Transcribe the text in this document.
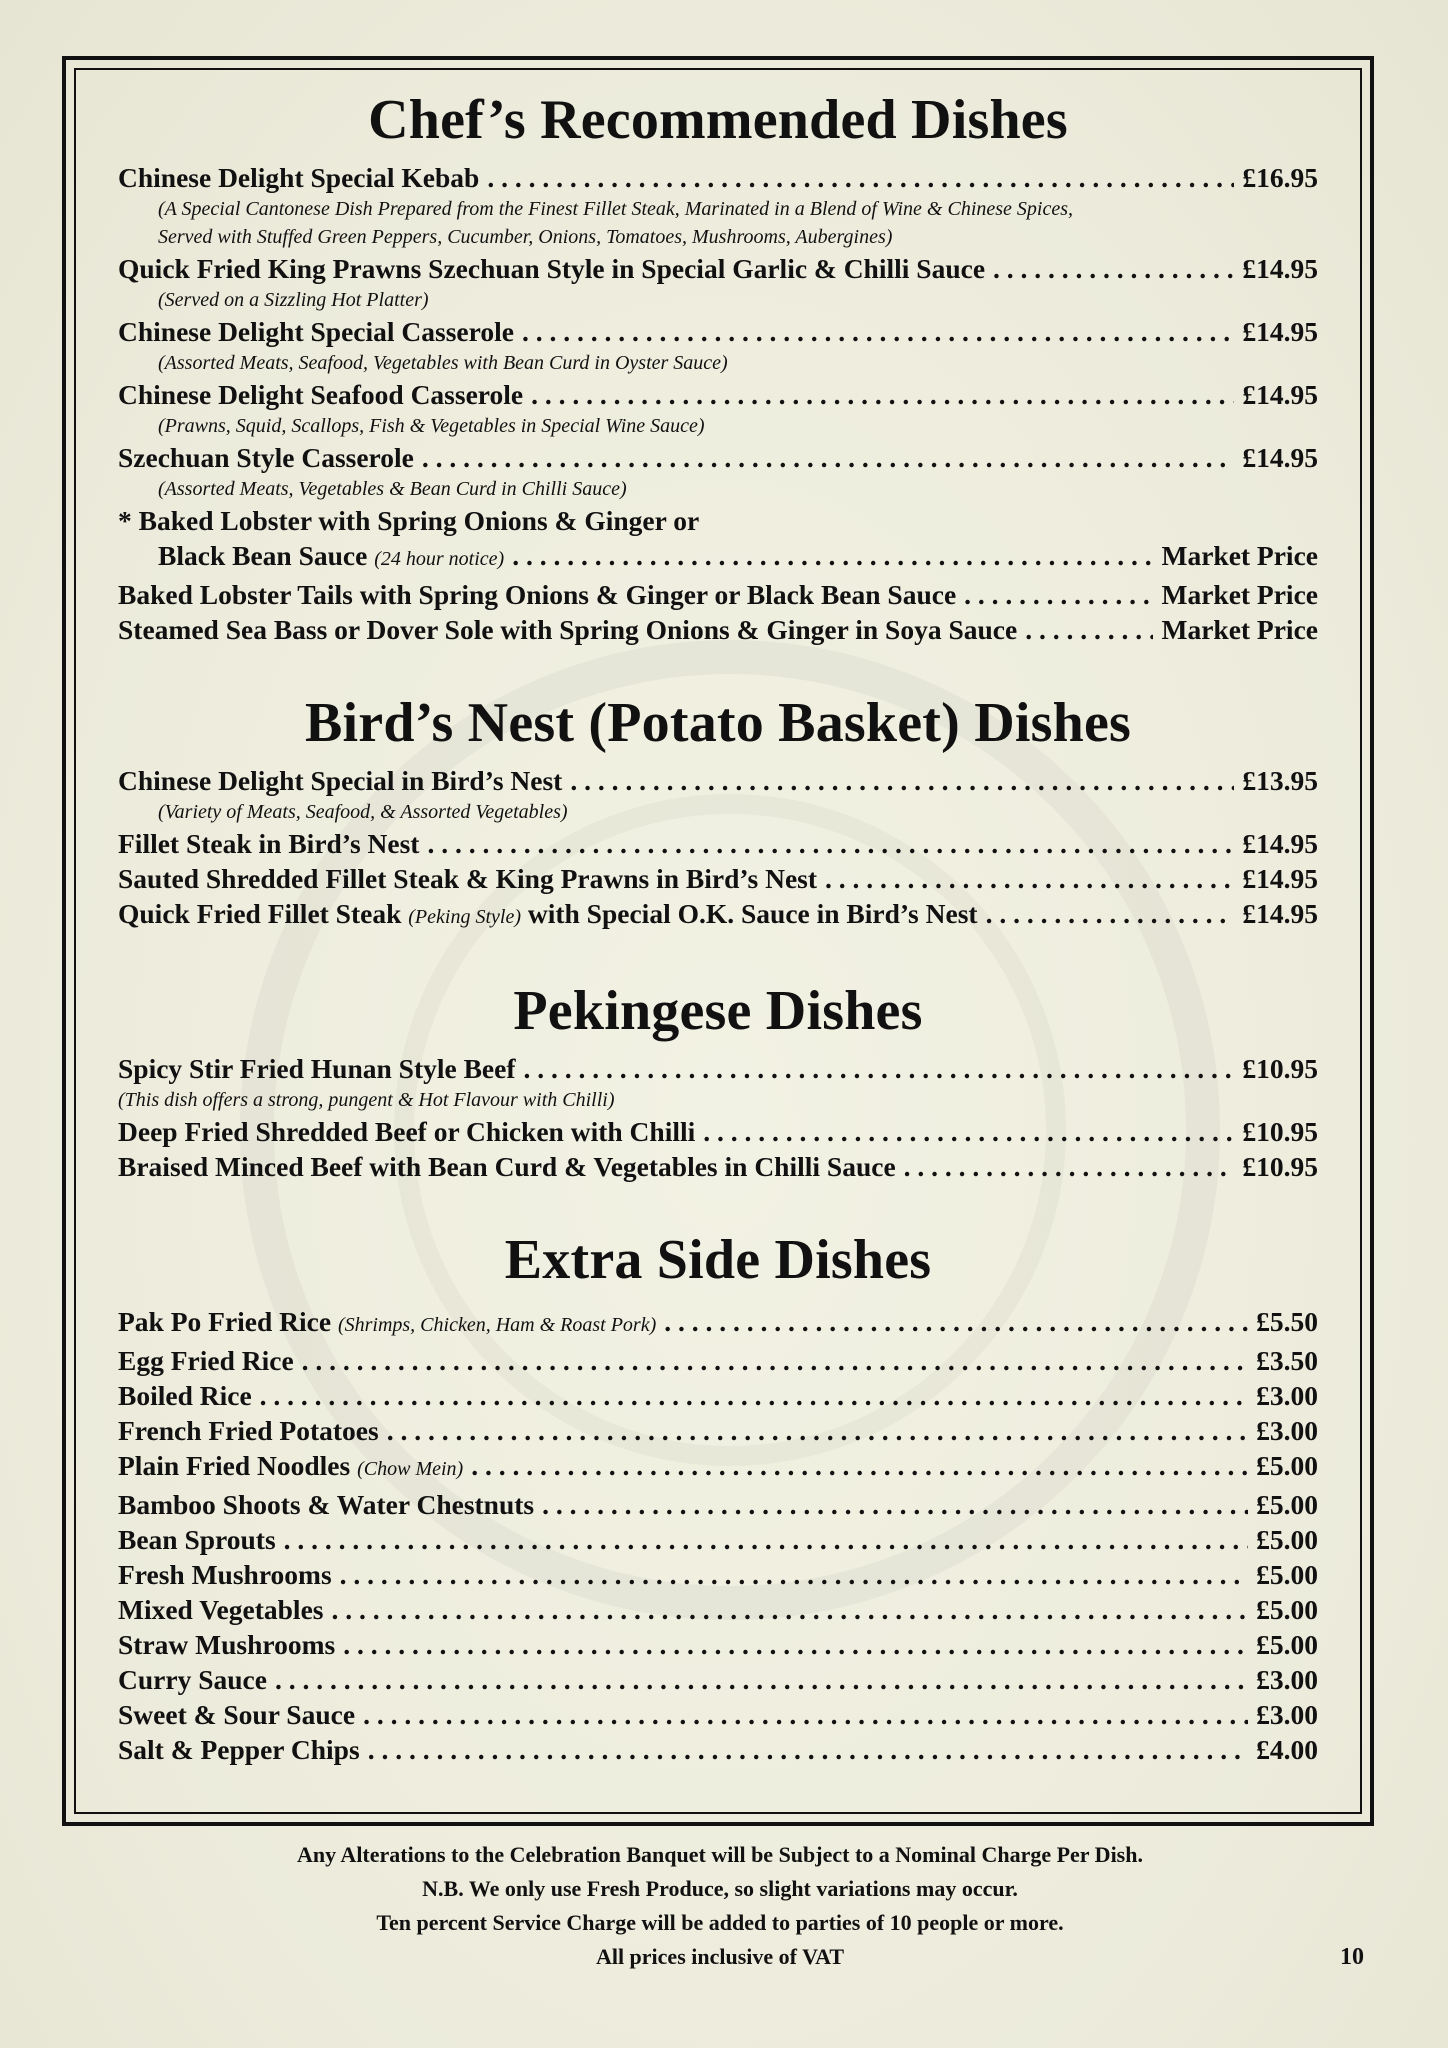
Chef’s Recommended Dishes
Chinese Delight Special Kebab . . .	£16.95
(A Special Cantonese Dish Prepared from the Finest Fillet Steak, Marinated in a Blend of Wine & Chinese Spices,
Served with Stuffed Green Peppers, Cucumber, Onions, Tomatoes, Mushrooms, Aubergines)
Quick Fried King Prawns Szechuan Style in Special Garlic & Chilli Sauce . . .	£14.95
(Served on a Sizzling Hot Platter)
Chinese Delight Special Casserole . . .	£14.95
(Assorted Meats, Seafood, Vegetables with Bean Curd in Oyster Sauce)
Chinese Delight Seafood Casserole . . .	£14.95
(Prawns, Squid, Scallops, Fish & Vegetables in Special Wine Sauce)
Szechuan Style Casserole . . .	£14.95
(Assorted Meats, Vegetables & Bean Curd in Chilli Sauce)
* Baked Lobster with Spring Onions & Ginger or
Black Bean Sauce (24 hour notice) . . .	Market Price
Baked Lobster Tails with Spring Onions & Ginger or Black Bean Sauce . . .	Market Price
Steamed Sea Bass or Dover Sole with Spring Onions & Ginger in Soya Sauce . . .	Market Price
Bird’s Nest (Potato Basket) Dishes
Chinese Delight Special in Bird’s Nest . . .	£13.95
(Variety of Meats, Seafood, & Assorted Vegetables)
Fillet Steak in Bird’s Nest . . .	£14.95
Sauted Shredded Fillet Steak & King Prawns in Bird’s Nest . . .	£14.95
Quick Fried Fillet Steak (Peking Style) with Special O.K. Sauce in Bird’s Nest . . .	£14.95
Pekingese Dishes
Spicy Stir Fried Hunan Style Beef . . .	£10.95
(This dish offers a strong, pungent & Hot Flavour with Chilli)
Deep Fried Shredded Beef or Chicken with Chilli . . .	£10.95
Braised Minced Beef with Bean Curd & Vegetables in Chilli Sauce . . .	£10.95
Extra Side Dishes
Pak Po Fried Rice (Shrimps, Chicken, Ham & Roast Pork) . . .	£5.50
Egg Fried Rice . . .	£3.50
Boiled Rice . . .	£3.00
French Fried Potatoes . . .	£3.00
Plain Fried Noodles (Chow Mein) . . .	£5.00
Bamboo Shoots & Water Chestnuts . . .	£5.00
Bean Sprouts . . .	£5.00
Fresh Mushrooms . . .	£5.00
Mixed Vegetables . . .	£5.00
Straw Mushrooms . . .	£5.00
Curry Sauce . . .	£3.00
Sweet & Sour Sauce . . .	£3.00
Salt & Pepper Chips . . .	£4.00
Any Alterations to the Celebration Banquet will be Subject to a Nominal Charge Per Dish.
N.B. We only use Fresh Produce, so slight variations may occur.
Ten percent Service Charge will be added to parties of 10 people or more.
All prices inclusive of VAT	10
